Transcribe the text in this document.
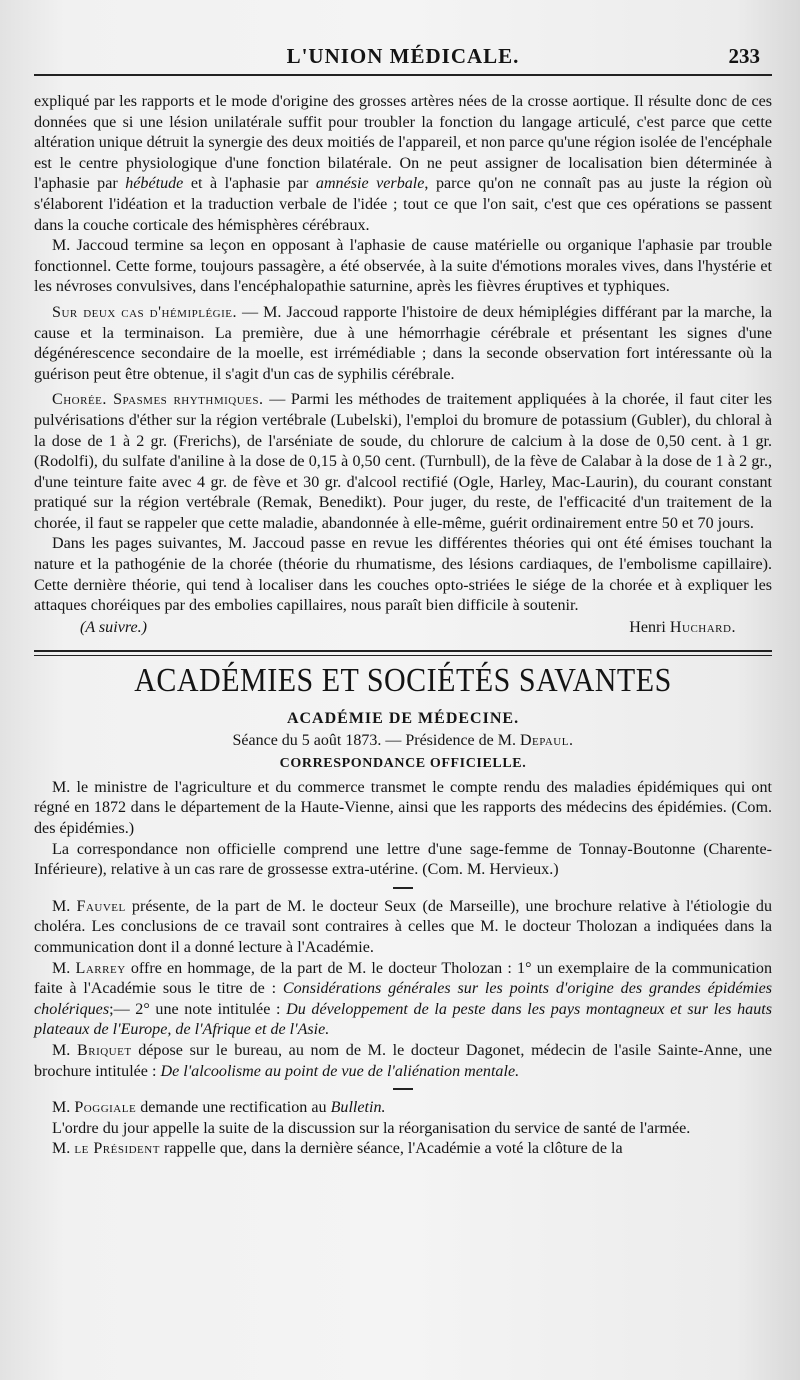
L'UNION MÉDICALE.	233

expliqué par les rapports et le mode d'origine des grosses artères nées de la crosse aortique. Il résulte donc de ces données que si une lésion unilatérale suffit pour troubler la fonction du langage articulé, c'est parce que cette altération unique détruit la synergie des deux moitiés de l'appareil, et non parce qu'une région isolée de l'encéphale est le centre physiologique d'une fonction bilatérale. On ne peut assigner de localisation bien déterminée à l'aphasie par hébétude et à l'aphasie par amnésie verbale, parce qu'on ne connaît pas au juste la région où s'élaborent l'idéation et la traduction verbale de l'idée ; tout ce que l'on sait, c'est que ces opérations se passent dans la couche corticale des hémisphères cérébraux.

M. Jaccoud termine sa leçon en opposant à l'aphasie de cause matérielle ou organique l'aphasie par trouble fonctionnel. Cette forme, toujours passagère, a été observée, à la suite d'émotions morales vives, dans l'hystérie et les névroses convulsives, dans l'encéphalopathie saturnine, après les fièvres éruptives et typhiques.

Sur deux cas d'hémiplégie. — M. Jaccoud rapporte l'histoire de deux hémiplégies différant par la marche, la cause et la terminaison. La première, due à une hémorrhagie cérébrale et présentant les signes d'une dégénérescence secondaire de la moelle, est irrémédiable ; dans la seconde observation fort intéressante où la guérison peut être obtenue, il s'agit d'un cas de syphilis cérébrale.

Chorée. Spasmes rhythmiques. — Parmi les méthodes de traitement appliquées à la chorée, il faut citer les pulvérisations d'éther sur la région vertébrale (Lubelski), l'emploi du bromure de potassium (Gubler), du chloral à la dose de 1 à 2 gr. (Frerichs), de l'arséniate de soude, du chlorure de calcium à la dose de 0,50 cent. à 1 gr. (Rodolfi), du sulfate d'aniline à la dose de 0,15 à 0,50 cent. (Turnbull), de la fève de Calabar à la dose de 1 à 2 gr., d'une teinture faite avec 4 gr. de fève et 30 gr. d'alcool rectifié (Ogle, Harley, Mac-Laurin), du courant constant pratiqué sur la région vertébrale (Remak, Benedikt). Pour juger, du reste, de l'efficacité d'un traitement de la chorée, il faut se rappeler que cette maladie, abandonnée à elle-même, guérit ordinairement entre 50 et 70 jours.

Dans les pages suivantes, M. Jaccoud passe en revue les différentes théories qui ont été émises touchant la nature et la pathogénie de la chorée (théorie du rhumatisme, des lésions cardiaques, de l'embolisme capillaire). Cette dernière théorie, qui tend à localiser dans les couches opto-striées le siége de la chorée et à expliquer les attaques choréiques par des embolies capillaires, nous paraît bien difficile à soutenir.

(A suivre.)	Henri Huchard.
ACADÉMIES ET SOCIÉTÉS SAVANTES
ACADÉMIE DE MÉDECINE.
Séance du 5 août 1873. — Présidence de M. Depaul.
CORRESPONDANCE OFFICIELLE.

M. le ministre de l'agriculture et du commerce transmet le compte rendu des maladies épidémiques qui ont régné en 1872 dans le département de la Haute-Vienne, ainsi que les rapports des médecins des épidémies. (Com. des épidémies.)

La correspondance non officielle comprend une lettre d'une sage-femme de Tonnay-Boutonne (Charente-Inférieure), relative à un cas rare de grossesse extra-utérine. (Com. M. Hervieux.)

M. Fauvel présente, de la part de M. le docteur Seux (de Marseille), une brochure relative à l'étiologie du choléra. Les conclusions de ce travail sont contraires à celles que M. le docteur Tholozan a indiquées dans la communication dont il a donné lecture à l'Académie.

M. Larrey offre en hommage, de la part de M. le docteur Tholozan : 1° un exemplaire de la communication faite à l'Académie sous le titre de : Considérations générales sur les points d'origine des grandes épidémies cholériques;— 2° une note intitulée : Du développement de la peste dans les pays montagneux et sur les hauts plateaux de l'Europe, de l'Afrique et de l'Asie.

M. Briquet dépose sur le bureau, au nom de M. le docteur Dagonet, médecin de l'asile Sainte-Anne, une brochure intitulée : De l'alcoolisme au point de vue de l'aliénation mentale.

M. Poggiale demande une rectification au Bulletin.

L'ordre du jour appelle la suite de la discussion sur la réorganisation du service de santé de l'armée.

M. le Président rappelle que, dans la dernière séance, l'Académie a voté la clôture de la
